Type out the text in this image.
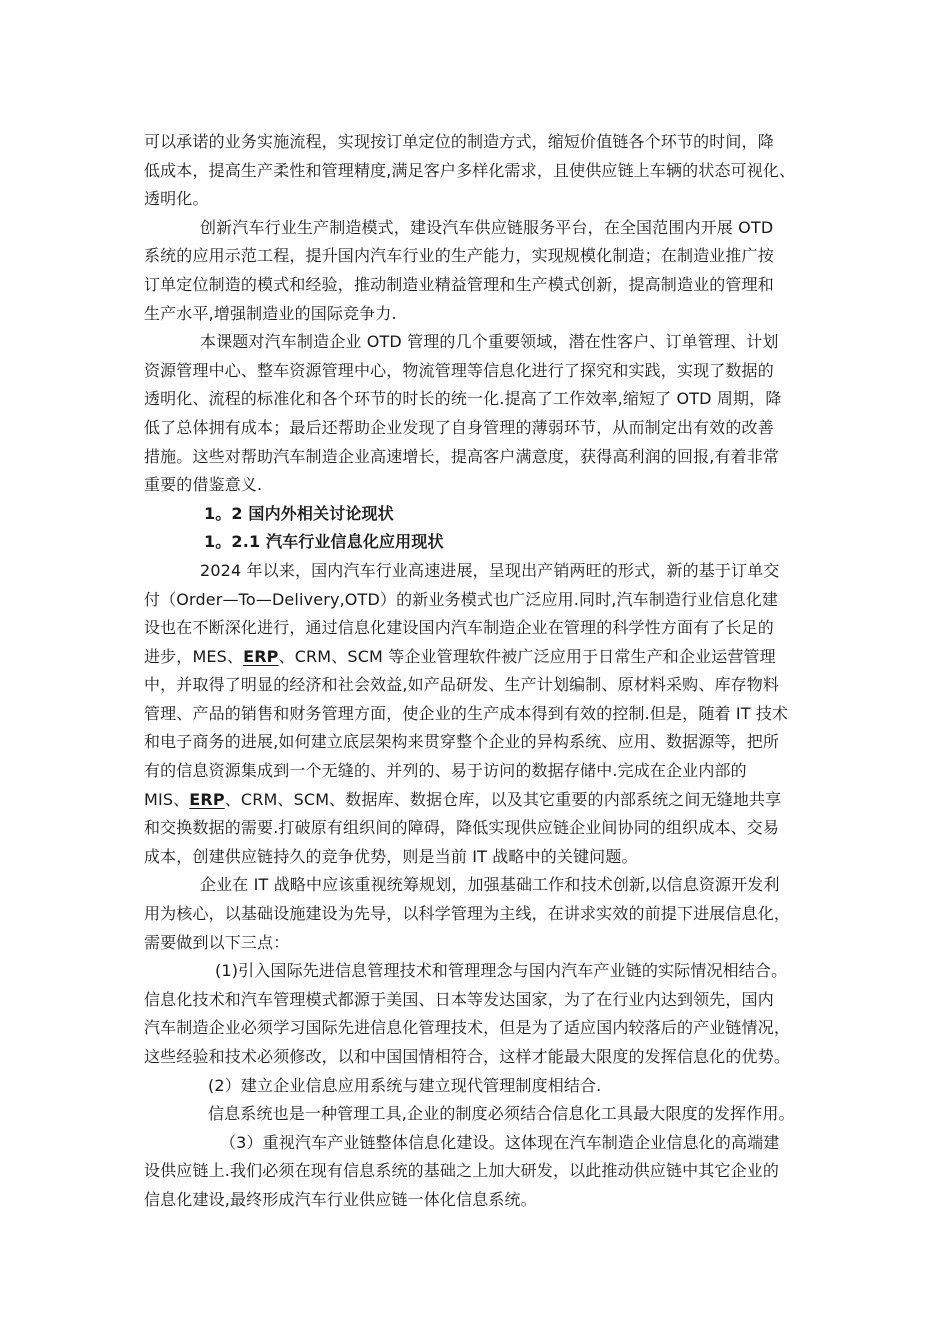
可以承诺的业务实施流程，实现按订单定位的制造方式，缩短价值链各个环节的时间，降
低成本，提高生产柔性和管理精度,满足客户多样化需求，且使供应链上车辆的状态可视化、
透明化。
创新汽车行业生产制造模式，建设汽车供应链服务平台，在全国范围内开展 OTD
系统的应用示范工程，提升国内汽车行业的生产能力，实现规模化制造；在制造业推广按
订单定位制造的模式和经验，推动制造业精益管理和生产模式创新，提高制造业的管理和
生产水平,增强制造业的国际竞争力.
本课题对汽车制造企业 OTD 管理的几个重要领域，潜在性客户、订单管理、计划
资源管理中心、整车资源管理中心，物流管理等信息化进行了探究和实践，实现了数据的
透明化、流程的标准化和各个环节的时长的统一化.提高了工作效率,缩短了 OTD 周期，降
低了总体拥有成本；最后还帮助企业发现了自身管理的薄弱环节，从而制定出有效的改善
措施。这些对帮助汽车制造企业高速增长，提高客户满意度，获得高利润的回报,有着非常
重要的借鉴意义.
1。2 国内外相关讨论现状
1。2.1 汽车行业信息化应用现状
2024 年以来，国内汽车行业高速进展，呈现出产销两旺的形式，新的基于订单交
付（Order—To—Delivery,OTD）的新业务模式也广泛应用.同时,汽车制造行业信息化建
设也在不断深化进行，通过信息化建设国内汽车制造企业在管理的科学性方面有了长足的
进步，MES、ERP、CRM、SCM 等企业管理软件被广泛应用于日常生产和企业运营管理
中，并取得了明显的经济和社会效益,如产品研发、生产计划编制、原材料采购、库存物料
管理、产品的销售和财务管理方面，使企业的生产成本得到有效的控制.但是，随着 IT 技术
和电子商务的进展,如何建立底层架构来贯穿整个企业的异构系统、应用、数据源等，把所
有的信息资源集成到一个无缝的、并列的、易于访问的数据存储中.完成在企业内部的
MIS、ERP、CRM、SCM、数据库、数据仓库，以及其它重要的内部系统之间无缝地共享
和交换数据的需要.打破原有组织间的障碍，降低实现供应链企业间协同的组织成本、交易
成本，创建供应链持久的竞争优势，则是当前 IT 战略中的关键问题。
企业在 IT 战略中应该重视统筹规划，加强基础工作和技术创新,以信息资源开发利
用为核心，以基础设施建设为先导，以科学管理为主线，在讲求实效的前提下进展信息化，
需要做到以下三点：
(1)引入国际先进信息管理技术和管理理念与国内汽车产业链的实际情况相结合。
信息化技术和汽车管理模式都源于美国、日本等发达国家，为了在行业内达到领先，国内
汽车制造企业必须学习国际先进信息化管理技术，但是为了适应国内较落后的产业链情况，
这些经验和技术必须修改，以和中国国情相符合，这样才能最大限度的发挥信息化的优势。
(2）建立企业信息应用系统与建立现代管理制度相结合.
信息系统也是一种管理工具,企业的制度必须结合信息化工具最大限度的发挥作用。
（3）重视汽车产业链整体信息化建设。这体现在汽车制造企业信息化的高端建
设供应链上.我们必须在现有信息系统的基础之上加大研发，以此推动供应链中其它企业的
信息化建设,最终形成汽车行业供应链一体化信息系统。
